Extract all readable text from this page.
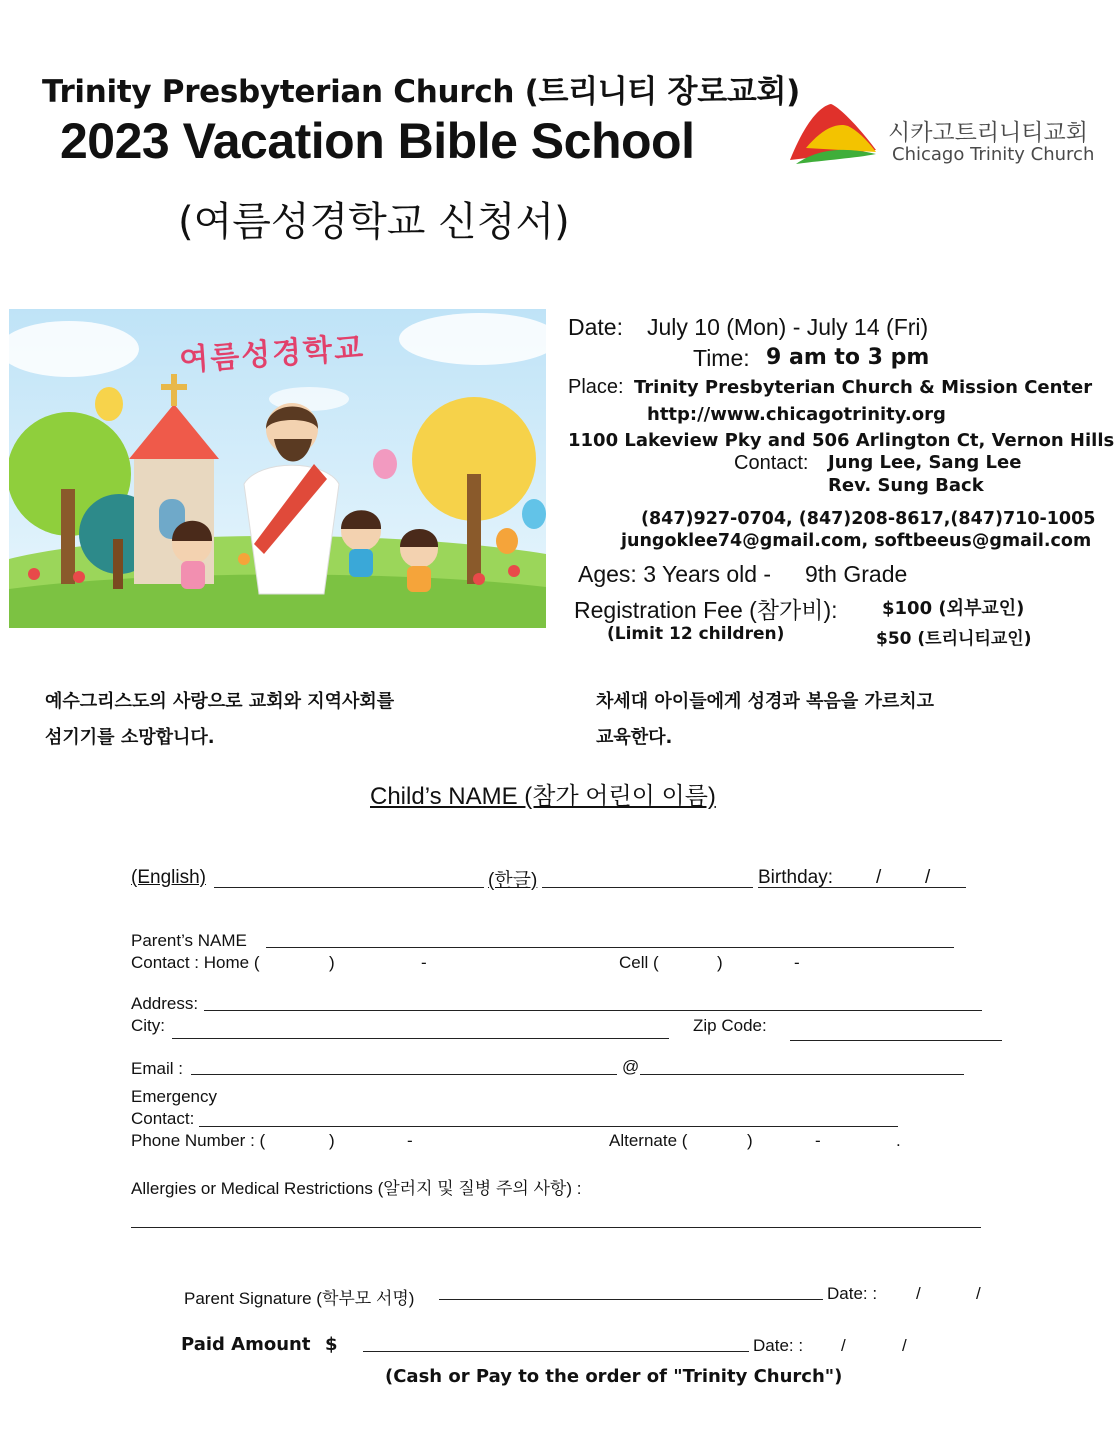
Trinity Presbyterian Church (트리니티 장로교회)
2023 Vacation Bible School
(여름성경학교 신청서)
시카고트리니티교회
Chicago Trinity Church
여름성경학교
Date: July 10 (Mon) - July 14 (Fri)
Time: 9 am to 3 pm
Place: Trinity Presbyterian Church & Mission Center
http://www.chicagotrinity.org
1100 Lakeview Pky and 506 Arlington Ct, Vernon Hills
Contact: Jung Lee, Sang Lee
Rev. Sung Back
(847)927-0704, (847)208-8617,(847)710-1005
jungoklee74@gmail.com, softbeeus@gmail.com
Ages: 3 Years old - 9th Grade
Registration Fee (참가비): $100 (외부교인)
(Limit 12 children)	$50 (트리니티교인)
예수그리스도의 사랑으로 교회와 지역사회를
섬기기를 소망합니다.
차세대 아이들에게 성경과 복음을 가르치고
교육한다.
Child’s NAME (참가 어린이 이름)
(English)	(한글)	Birthday: / /
Parent’s NAME
Contact : Home (	)	-	Cell (	)	-
Address:
City:	Zip Code:
Email :	@
Emergency
Contact:
Phone Number : (	)	-	Alternate (	)	-	.
Allergies or Medical Restrictions (알러지 및 질병 주의 사항) :
Parent Signature (학부모 서명)	Date: : /	/
Paid Amount $	Date: : /	/
(Cash or Pay to the order of "Trinity Church")
